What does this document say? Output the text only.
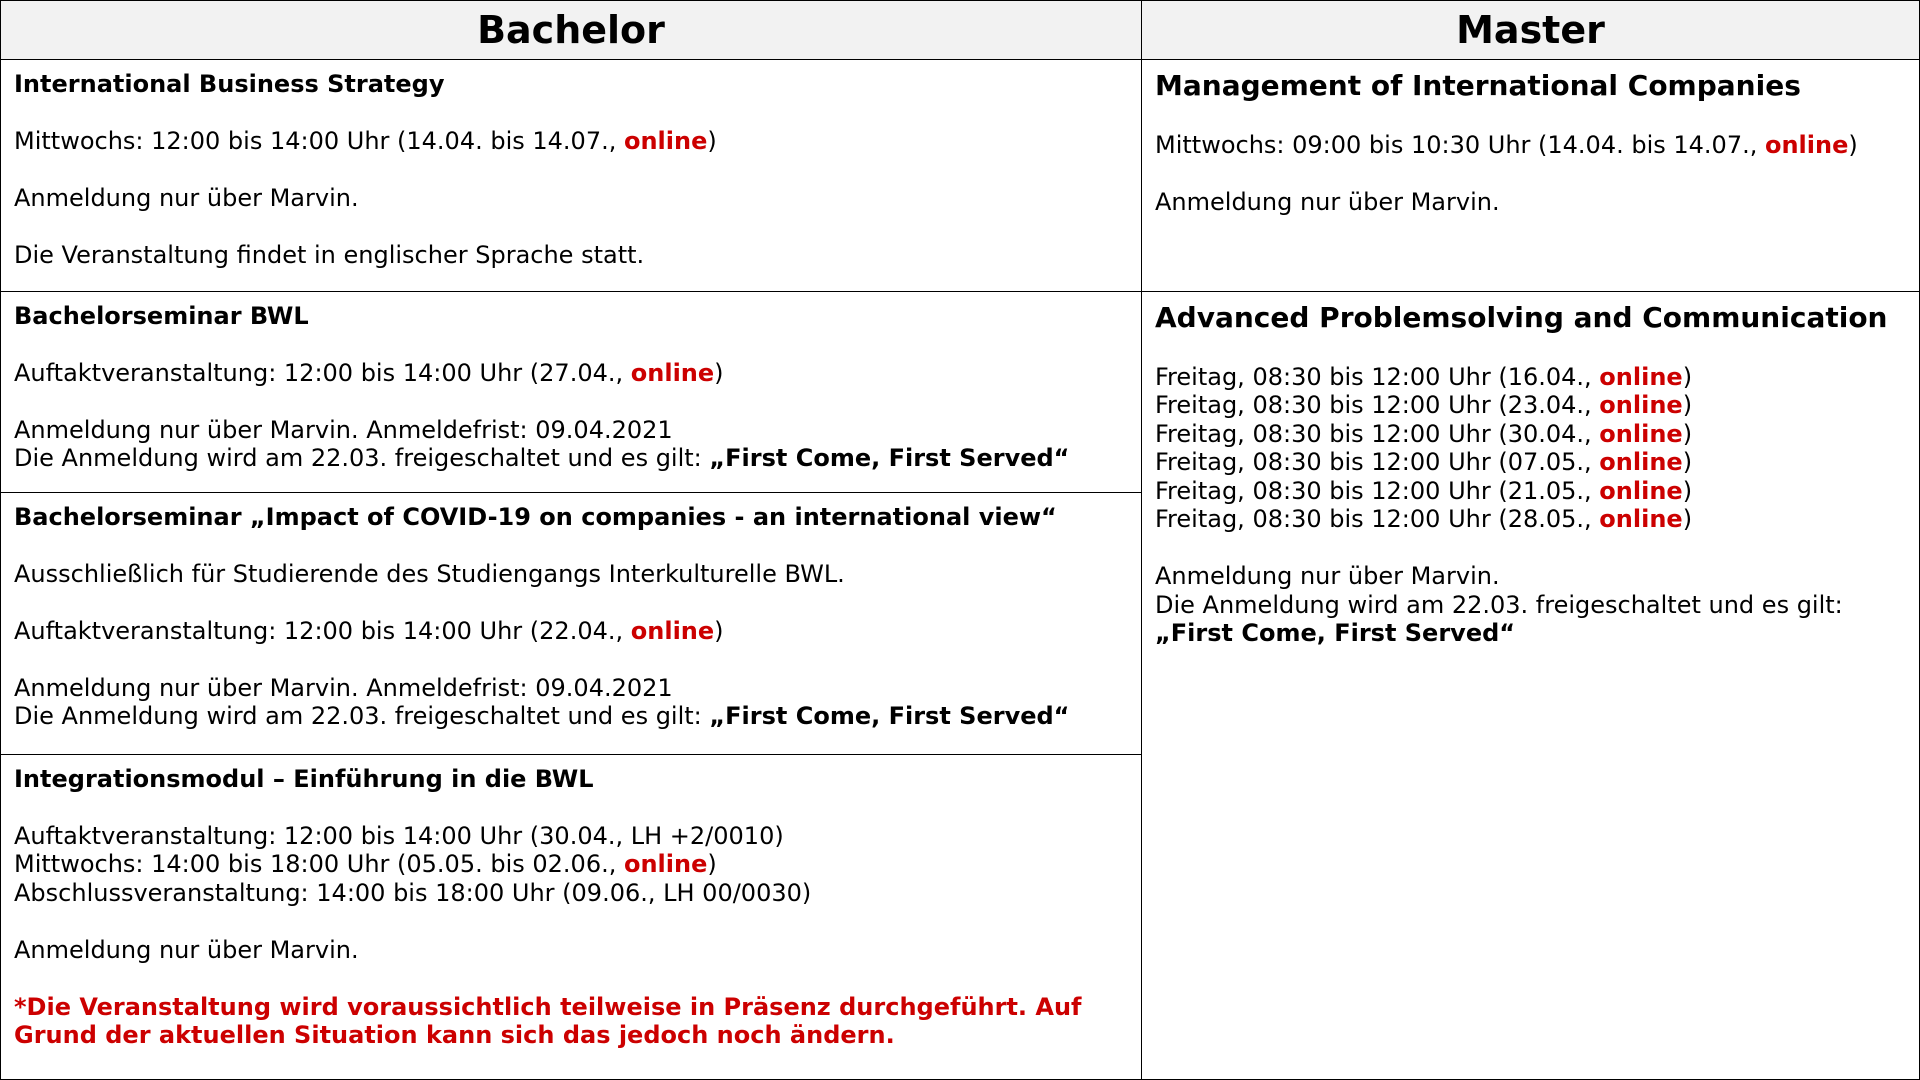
Bachelor
International Business Strategy
Mittwochs: 12:00 bis 14:00 Uhr (14.04. bis 14.07., online)
Anmeldung nur über Marvin.
Die Veranstaltung findet in englischer Sprache statt.
Bachelorseminar BWL
Auftaktveranstaltung: 12:00 bis 14:00 Uhr (27.04., online)
Anmeldung nur über Marvin. Anmeldefrist: 09.04.2021
Die Anmeldung wird am 22.03. freigeschaltet und es gilt: „First Come, First Served“
Bachelorseminar „Impact of COVID-19 on companies - an international view“
Ausschließlich für Studierende des Studiengangs Interkulturelle BWL.
Auftaktveranstaltung: 12:00 bis 14:00 Uhr (22.04., online)
Anmeldung nur über Marvin. Anmeldefrist: 09.04.2021
Die Anmeldung wird am 22.03. freigeschaltet und es gilt: „First Come, First Served“
Integrationsmodul – Einführung in die BWL
Auftaktveranstaltung: 12:00 bis 14:00 Uhr (30.04., LH +2/0010)
Mittwochs: 14:00 bis 18:00 Uhr (05.05. bis 02.06., online)
Abschlussveranstaltung: 14:00 bis 18:00 Uhr (09.06., LH 00/0030)
Anmeldung nur über Marvin.
*Die Veranstaltung wird voraussichtlich teilweise in Präsenz durchgeführt. Auf
Grund der aktuellen Situation kann sich das jedoch noch ändern.
Master
Management of International Companies
Mittwochs: 09:00 bis 10:30 Uhr (14.04. bis 14.07., online)
Anmeldung nur über Marvin.
Advanced Problemsolving and Communication
Freitag, 08:30 bis 12:00 Uhr (16.04., online)
Freitag, 08:30 bis 12:00 Uhr (23.04., online)
Freitag, 08:30 bis 12:00 Uhr (30.04., online)
Freitag, 08:30 bis 12:00 Uhr (07.05., online)
Freitag, 08:30 bis 12:00 Uhr (21.05., online)
Freitag, 08:30 bis 12:00 Uhr (28.05., online)
Anmeldung nur über Marvin.
Die Anmeldung wird am 22.03. freigeschaltet und es gilt:
„First Come, First Served“
